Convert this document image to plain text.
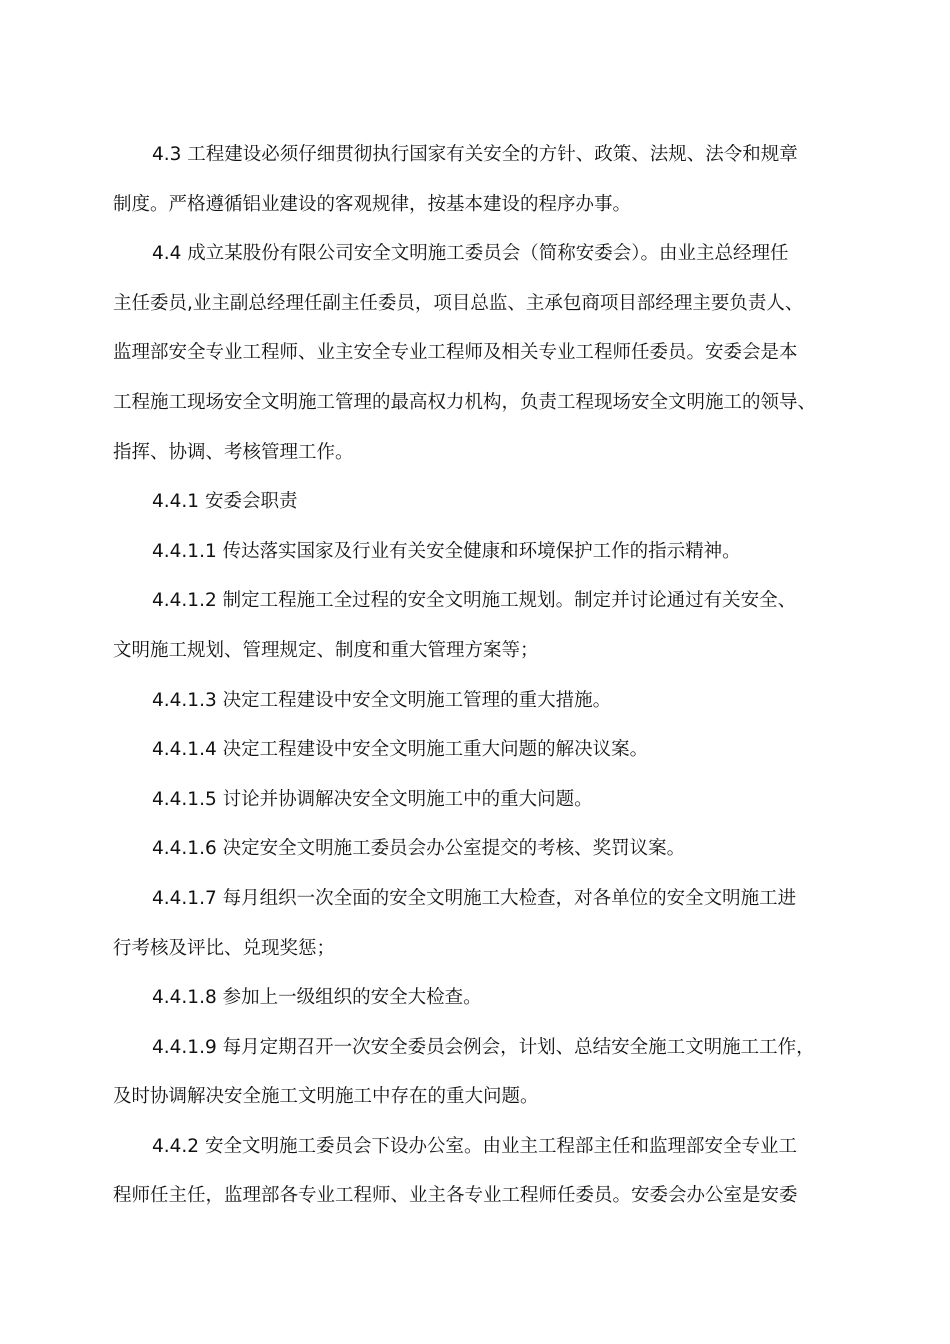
4.3 工程建设必须仔细贯彻执行国家有关安全的方针、政策、法规、法令和规章
制度。严格遵循铝业建设的客观规律，按基本建设的程序办事。
4.4 成立某股份有限公司安全文明施工委员会（简称安委会）。由业主总经理任
主任委员,业主副总经理任副主任委员，项目总监、主承包商项目部经理主要负责人、
监理部安全专业工程师、业主安全专业工程师及相关专业工程师任委员。安委会是本
工程施工现场安全文明施工管理的最高权力机构，负责工程现场安全文明施工的领导、
指挥、协调、考核管理工作。
4.4.1 安委会职责
4.4.1.1 传达落实国家及行业有关安全健康和环境保护工作的指示精神。
4.4.1.2 制定工程施工全过程的安全文明施工规划。制定并讨论通过有关安全、
文明施工规划、管理规定、制度和重大管理方案等；
4.4.1.3 决定工程建设中安全文明施工管理的重大措施。
4.4.1.4 决定工程建设中安全文明施工重大问题的解决议案。
4.4.1.5 讨论并协调解决安全文明施工中的重大问题。
4.4.1.6 决定安全文明施工委员会办公室提交的考核、奖罚议案。
4.4.1.7 每月组织一次全面的安全文明施工大检查，对各单位的安全文明施工进
行考核及评比、兑现奖惩；
4.4.1.8 参加上一级组织的安全大检查。
4.4.1.9 每月定期召开一次安全委员会例会，计划、总结安全施工文明施工工作，
及时协调解决安全施工文明施工中存在的重大问题。
4.4.2 安全文明施工委员会下设办公室。由业主工程部主任和监理部安全专业工
程师任主任，监理部各专业工程师、业主各专业工程师任委员。安委会办公室是安委
